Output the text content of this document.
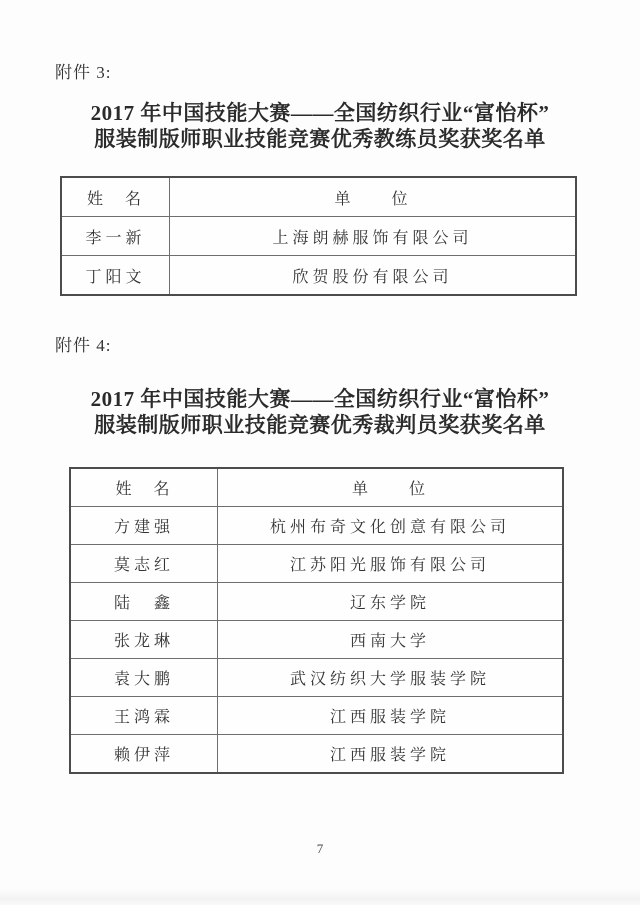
附件 3:
2017 年中国技能大赛——全国纺织行业“富怡杯”
服装制版师职业技能竞赛优秀教练员奖获奖名单
姓　名	单　　位
李一新	上海朗赫服饰有限公司
丁阳文	欣贺股份有限公司
附件 4:
2017 年中国技能大赛——全国纺织行业“富怡杯”
服装制版师职业技能竞赛优秀裁判员奖获奖名单
姓　名	单　　位
方建强	杭州布奇文化创意有限公司
莫志红	江苏阳光服饰有限公司
陆　鑫	辽东学院
张龙琳	西南大学
袁大鹏	武汉纺织大学服装学院
王鸿霖	江西服装学院
赖伊萍	江西服装学院
7
